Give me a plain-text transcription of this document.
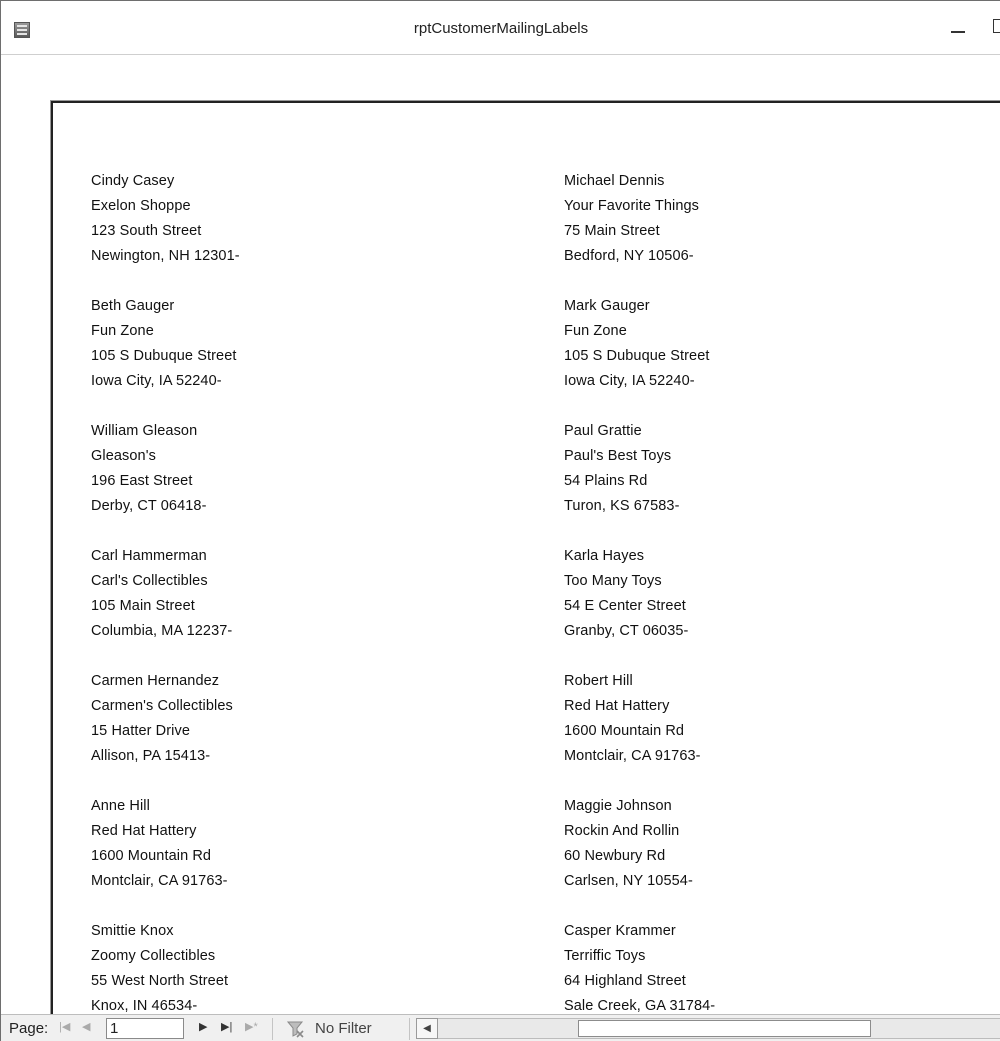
rptCustomerMailingLabels
Cindy Casey
Exelon Shoppe
123 South Street
Newington, NH 12301-
Michael Dennis
Your Favorite Things
75 Main Street
Bedford, NY 10506-
Beth Gauger
Fun Zone
105 S Dubuque Street
Iowa City, IA 52240-
Mark Gauger
Fun Zone
105 S Dubuque Street
Iowa City, IA 52240-
William Gleason
Gleason's
196 East Street
Derby, CT 06418-
Paul Grattie
Paul's Best Toys
54 Plains Rd
Turon, KS 67583-
Carl Hammerman
Carl's Collectibles
105 Main Street
Columbia, MA 12237-
Karla Hayes
Too Many Toys
54 E Center Street
Granby, CT 06035-
Carmen Hernandez
Carmen's Collectibles
15 Hatter Drive
Allison, PA 15413-
Robert Hill
Red Hat Hattery
1600 Mountain Rd
Montclair, CA 91763-
Anne Hill
Red Hat Hattery
1600 Mountain Rd
Montclair, CA 91763-
Maggie Johnson
Rockin And Rollin
60 Newbury Rd
Carlsen, NY 10554-
Smittie Knox
Zoomy Collectibles
55 West North Street
Knox, IN 46534-
Casper Krammer
Terriffic Toys
64 Highland Street
Sale Creek, GA 31784-
Page: |◀ ◀ 1	▶ ▶| ▶*	No Filter	◀
